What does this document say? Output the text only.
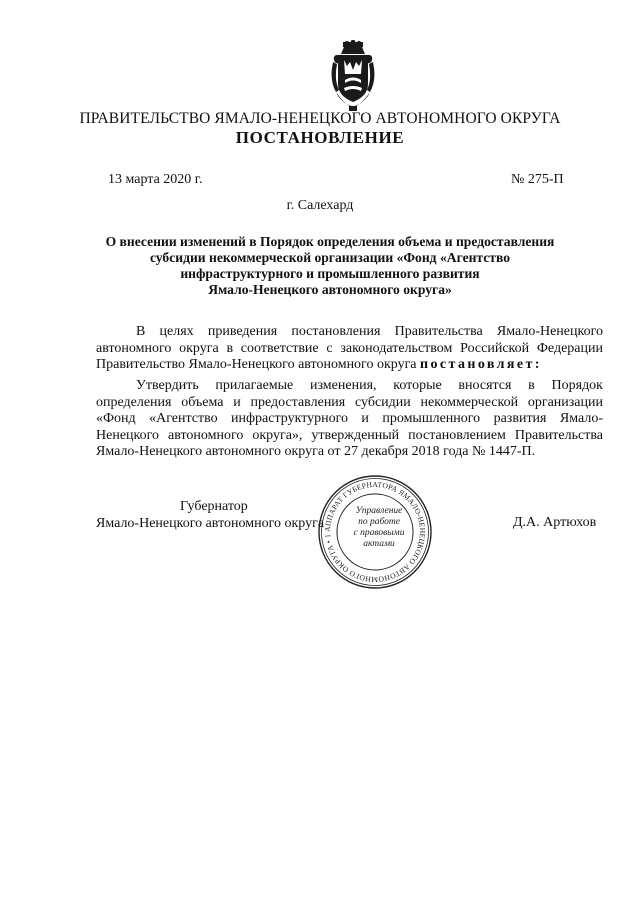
ПРАВИТЕЛЬСТВО ЯМАЛО-НЕНЕЦКОГО АВТОНОМНОГО ОКРУГА
ПОСТАНОВЛЕНИЕ
13 марта 2020 г.	№ 275-П
г. Салехард
О внесении изменений в Порядок определения объема и предоставления
субсидии некоммерческой организации «Фонд «Агентство
инфраструктурного и промышленного развития
Ямало-Ненецкого автономного округа»
В целях приведения постановления Правительства Ямало-Ненецкого
автономного округа в соответствие с законодательством Российской Федерации
Правительство Ямало-Ненецкого автономного округа постановляет:
Утвердить прилагаемые изменения, которые вносятся в Порядок
определения объема и предоставления субсидии некоммерческой организации
«Фонд «Агентство инфраструктурного и промышленного развития Ямало-
Ненецкого автономного округа», утвержденный постановлением Правительства
Ямало-Ненецкого автономного округа от 27 декабря 2018 года № 1447-П.
Губернатор
Ямало-Ненецкого автономного округа
АППАРАТ ГУБЕРНАТОРА ЯМАЛО-НЕНЕЦКОГО АВТОНОМНОГО ОКРУГА • 1
Управление
по работе
с правовыми
актами
Д.А. Артюхов
